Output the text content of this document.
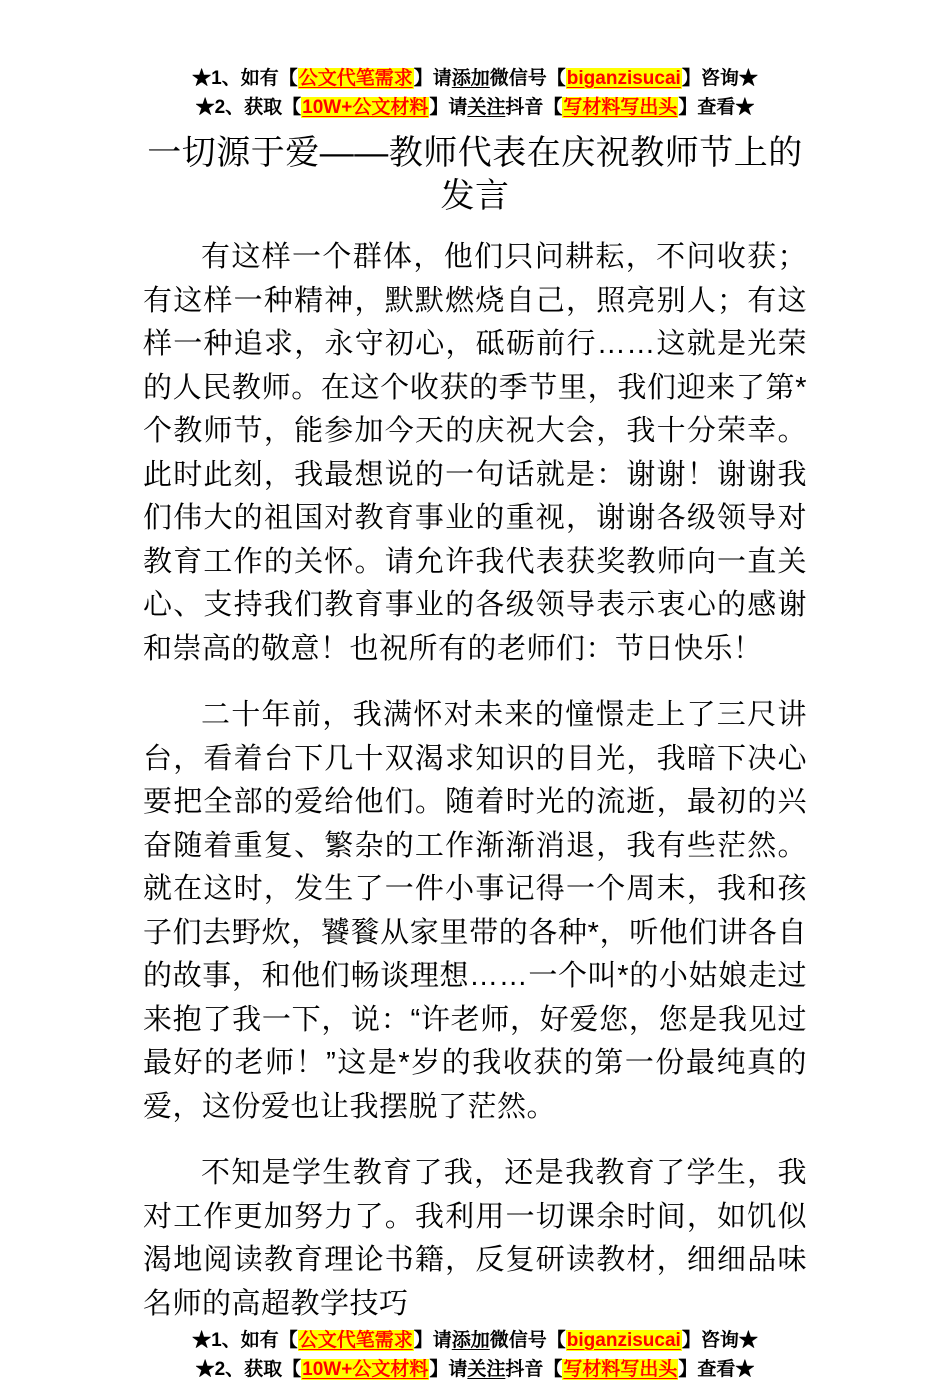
★1、如有【公文代笔需求】请添加微信号【biganzisucai】咨询★
★2、获取【10W+公文材料】请关注抖音【写材料写出头】查看★
一切源于爱——教师代表在庆祝教师节上的发言

有这样一个群体，他们只问耕耘，不问收获；有这样一种精神，默默燃烧自己，照亮别人；有这样一种追求，永守初心，砥砺前行……这就是光荣的人民教师。在这个收获的季节里，我们迎来了第*个教师节，能参加今天的庆祝大会，我十分荣幸。此时此刻，我最想说的一句话就是：谢谢！谢谢我们伟大的祖国对教育事业的重视，谢谢各级领导对教育工作的关怀。请允许我代表获奖教师向一直关心、支持我们教育事业的各级领导表示衷心的感谢和崇高的敬意！也祝所有的老师们：节日快乐！

二十年前，我满怀对未来的憧憬走上了三尺讲台，看着台下几十双渴求知识的目光，我暗下决心要把全部的爱给他们。随着时光的流逝，最初的兴奋随着重复、繁杂的工作渐渐消退，我有些茫然。就在这时，发生了一件小事记得一个周末，我和孩子们去野炊，饕餮从家里带的各种*，听他们讲各自的故事，和他们畅谈理想……一个叫*的小姑娘走过来抱了我一下，说：“许老师，好爱您，您是我见过最好的老师！”这是*岁的我收获的第一份最纯真的爱，这份爱也让我摆脱了茫然。

不知是学生教育了我，还是我教育了学生，我对工作更加努力了。我利用一切课余时间，如饥似渴地阅读教育理论书籍，反复研读教材，细细品味名师的高超教学技巧

★1、如有【公文代笔需求】请添加微信号【biganzisucai】咨询★
★2、获取【10W+公文材料】请关注抖音【写材料写出头】查看★
